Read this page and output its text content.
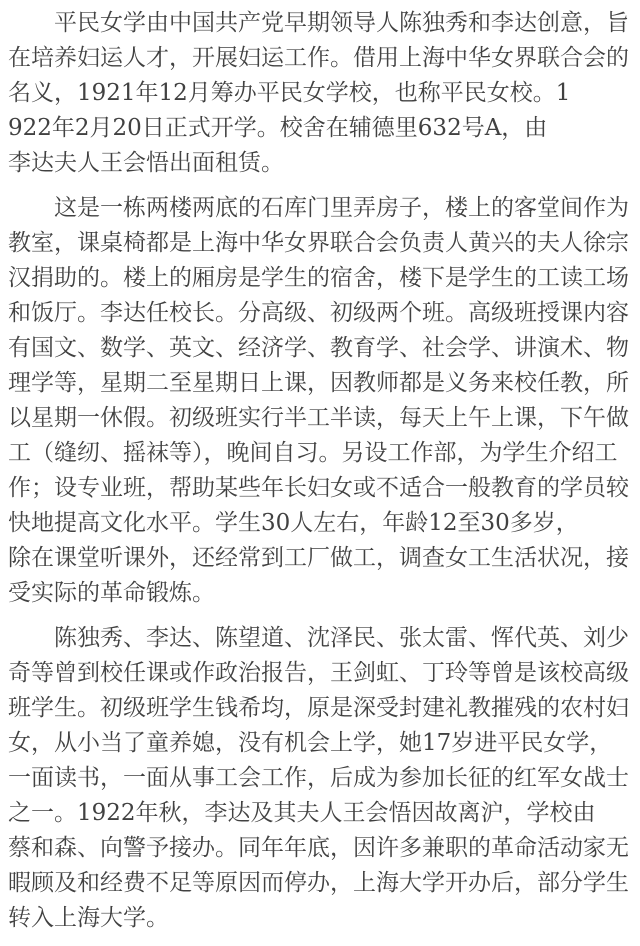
平民女学由中国共产党早期领导人陈独秀和李达创意，旨
在培养妇运人才，开展妇运工作。借用上海中华女界联合会的
名义，1921年12月筹办平民女学校，也称平民女校。1
922年2月20日正式开学。校舍在辅德里632号A，由
李达夫人王会悟出面租赁。
这是一栋两楼两底的石库门里弄房子，楼上的客堂间作为
教室，课桌椅都是上海中华女界联合会负责人黄兴的夫人徐宗
汉捐助的。楼上的厢房是学生的宿舍，楼下是学生的工读工场
和饭厅。李达任校长。分高级、初级两个班。高级班授课内容
有国文、数学、英文、经济学、教育学、社会学、讲演术、物
理学等，星期二至星期日上课，因教师都是义务来校任教，所
以星期一休假。初级班实行半工半读，每天上午上课，下午做
工（缝纫、摇袜等），晚间自习。另设工作部，为学生介绍工
作；设专业班，帮助某些年长妇女或不适合一般教育的学员较
快地提高文化水平。学生30人左右，年龄12至30多岁，
除在课堂听课外，还经常到工厂做工，调查女工生活状况，接
受实际的革命锻炼。
陈独秀、李达、陈望道、沈泽民、张太雷、恽代英、刘少
奇等曾到校任课或作政治报告，王剑虹、丁玲等曾是该校高级
班学生。初级班学生钱希均，原是深受封建礼教摧残的农村妇
女，从小当了童养媳，没有机会上学，她17岁进平民女学，
一面读书，一面从事工会工作，后成为参加长征的红军女战士
之一。1922年秋，李达及其夫人王会悟因故离沪，学校由
蔡和森、向警予接办。同年年底，因许多兼职的革命活动家无
暇顾及和经费不足等原因而停办，上海大学开办后，部分学生
转入上海大学。
